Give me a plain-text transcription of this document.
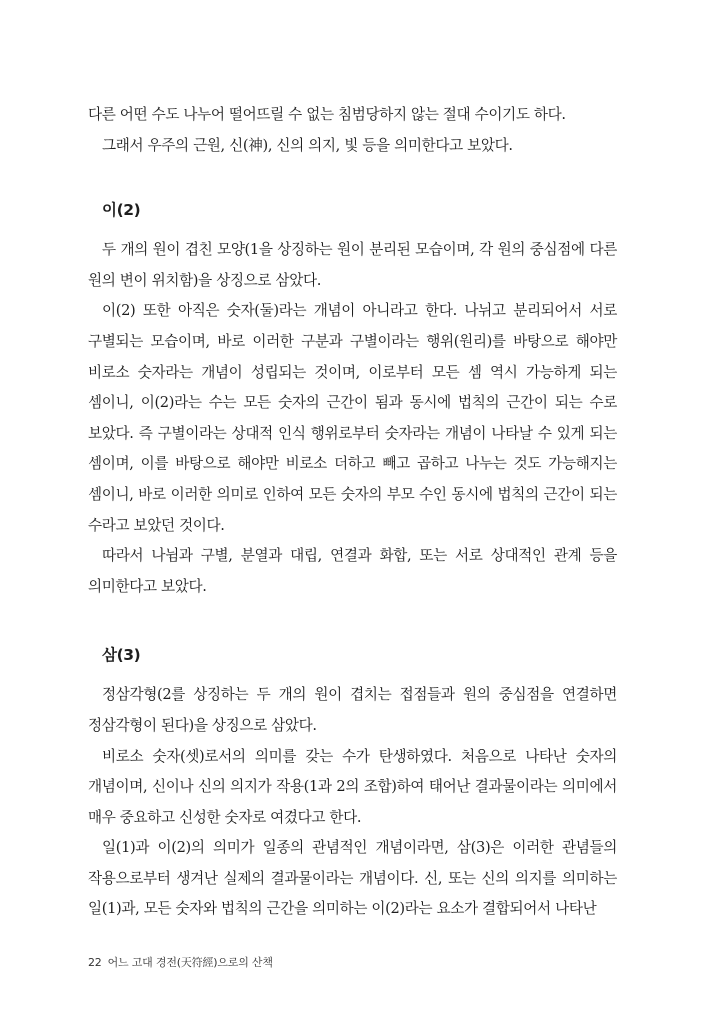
다른 어떤 수도 나누어 떨어뜨릴 수 없는 침범당하지 않는 절대 수이기도 하다.

그래서 우주의 근원, 신(神), 신의 의지, 빛 등을 의미한다고 보았다.

이(2)

두 개의 원이 겹친 모양(1을 상징하는 원이 분리된 모습이며, 각 원의 중심점에 다른 원의 변이 위치함)을 상징으로 삼았다.

이(2) 또한 아직은 숫자(둘)라는 개념이 아니라고 한다. 나뉘고 분리되어서 서로 구별되는 모습이며, 바로 이러한 구분과 구별이라는 행위(원리)를 바탕으로 해야만 비로소 숫자라는 개념이 성립되는 것이며, 이로부터 모든 셈 역시 가능하게 되는 셈이니, 이(2)라는 수는 모든 숫자의 근간이 됨과 동시에 법칙의 근간이 되는 수로 보았다. 즉 구별이라는 상대적 인식 행위로부터 숫자라는 개념이 나타날 수 있게 되는 셈이며, 이를 바탕으로 해야만 비로소 더하고 빼고 곱하고 나누는 것도 가능해지는 셈이니, 바로 이러한 의미로 인하여 모든 숫자의 부모 수인 동시에 법칙의 근간이 되는 수라고 보았던 것이다.

따라서 나뉨과 구별, 분열과 대립, 연결과 화합, 또는 서로 상대적인 관계 등을 의미한다고 보았다.

삼(3)

정삼각형(2를 상징하는 두 개의 원이 겹치는 접점들과 원의 중심점을 연결하면 정삼각형이 된다)을 상징으로 삼았다.

비로소 숫자(셋)로서의 의미를 갖는 수가 탄생하였다. 처음으로 나타난 숫자의 개념이며, 신이나 신의 의지가 작용(1과 2의 조합)하여 태어난 결과물이라는 의미에서 매우 중요하고 신성한 숫자로 여겼다고 한다.

일(1)과 이(2)의 의미가 일종의 관념적인 개념이라면, 삼(3)은 이러한 관념들의 작용으로부터 생겨난 실제의 결과물이라는 개념이다. 신, 또는 신의 의지를 의미하는 일(1)과, 모든 숫자와 법칙의 근간을 의미하는 이(2)라는 요소가 결합되어서 나타난

22 어느 고대 경전(天符經)으로의 산책
